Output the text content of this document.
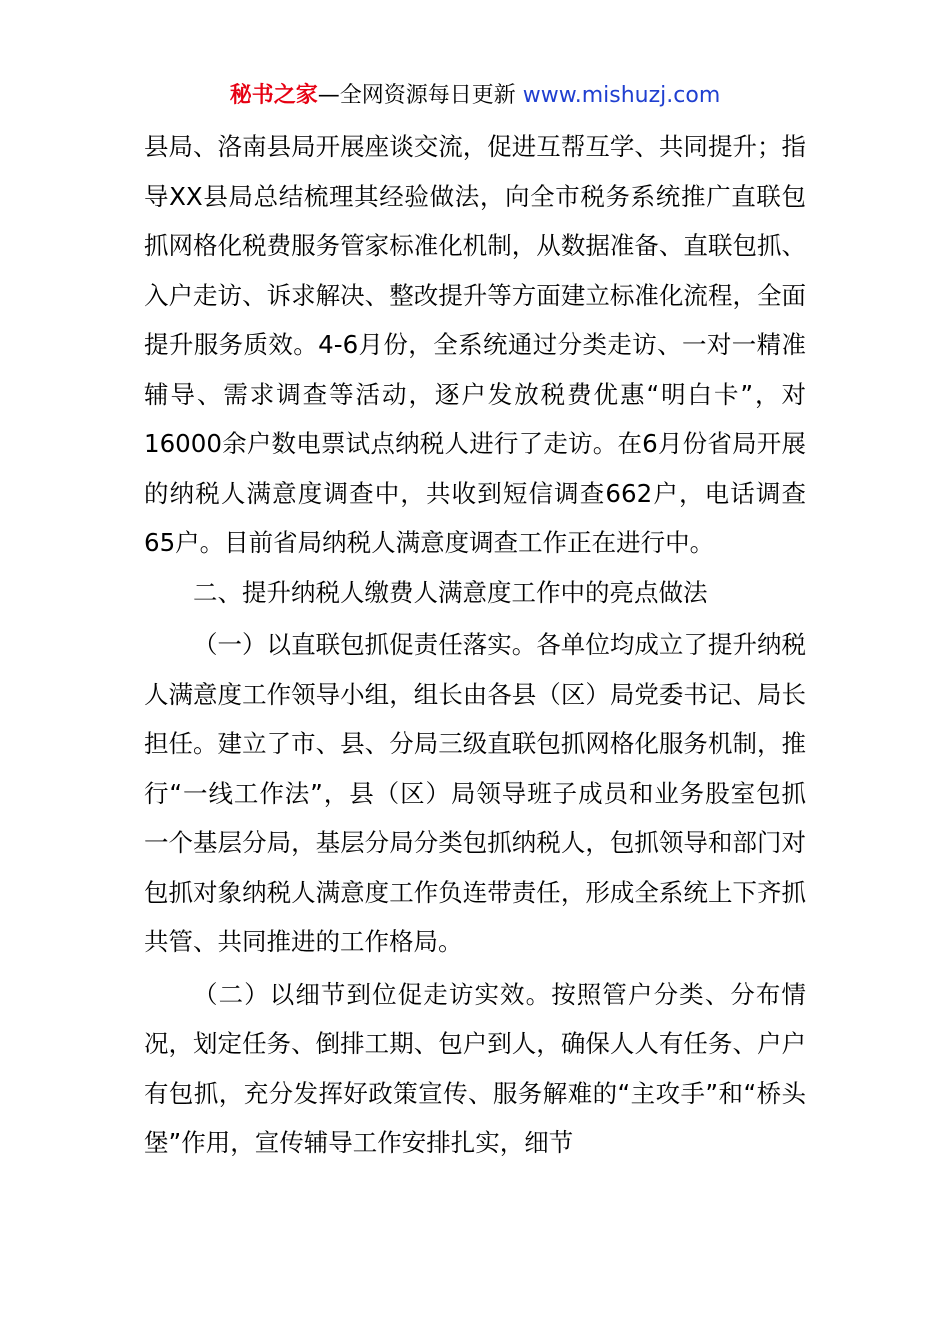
秘书之家—全网资源每日更新 www.mishuzj.com

县局、洛南县局开展座谈交流，促进互帮互学、共同提升；指导XX县局总结梳理其经验做法，向全市税务系统推广直联包抓网格化税费服务管家标准化机制，从数据准备、直联包抓、入户走访、诉求解决、整改提升等方面建立标准化流程，全面提升服务质效。4-6月份，全系统通过分类走访、一对一精准辅导、需求调查等活动，逐户发放税费优惠“明白卡”，对16000余户数电票试点纳税人进行了走访。在6月份省局开展的纳税人满意度调查中，共收到短信调查662户，电话调查65户。目前省局纳税人满意度调查工作正在进行中。

二、提升纳税人缴费人满意度工作中的亮点做法

（一）以直联包抓促责任落实。各单位均成立了提升纳税人满意度工作领导小组，组长由各县（区）局党委书记、局长担任。建立了市、县、分局三级直联包抓网格化服务机制，推行“一线工作法”，县（区）局领导班子成员和业务股室包抓一个基层分局，基层分局分类包抓纳税人，包抓领导和部门对包抓对象纳税人满意度工作负连带责任，形成全系统上下齐抓共管、共同推进的工作格局。

（二）以细节到位促走访实效。按照管户分类、分布情况，划定任务、倒排工期、包户到人，确保人人有任务、户户有包抓，充分发挥好政策宣传、服务解难的“主攻手”和“桥头堡”作用，宣传辅导工作安排扎实，细节
